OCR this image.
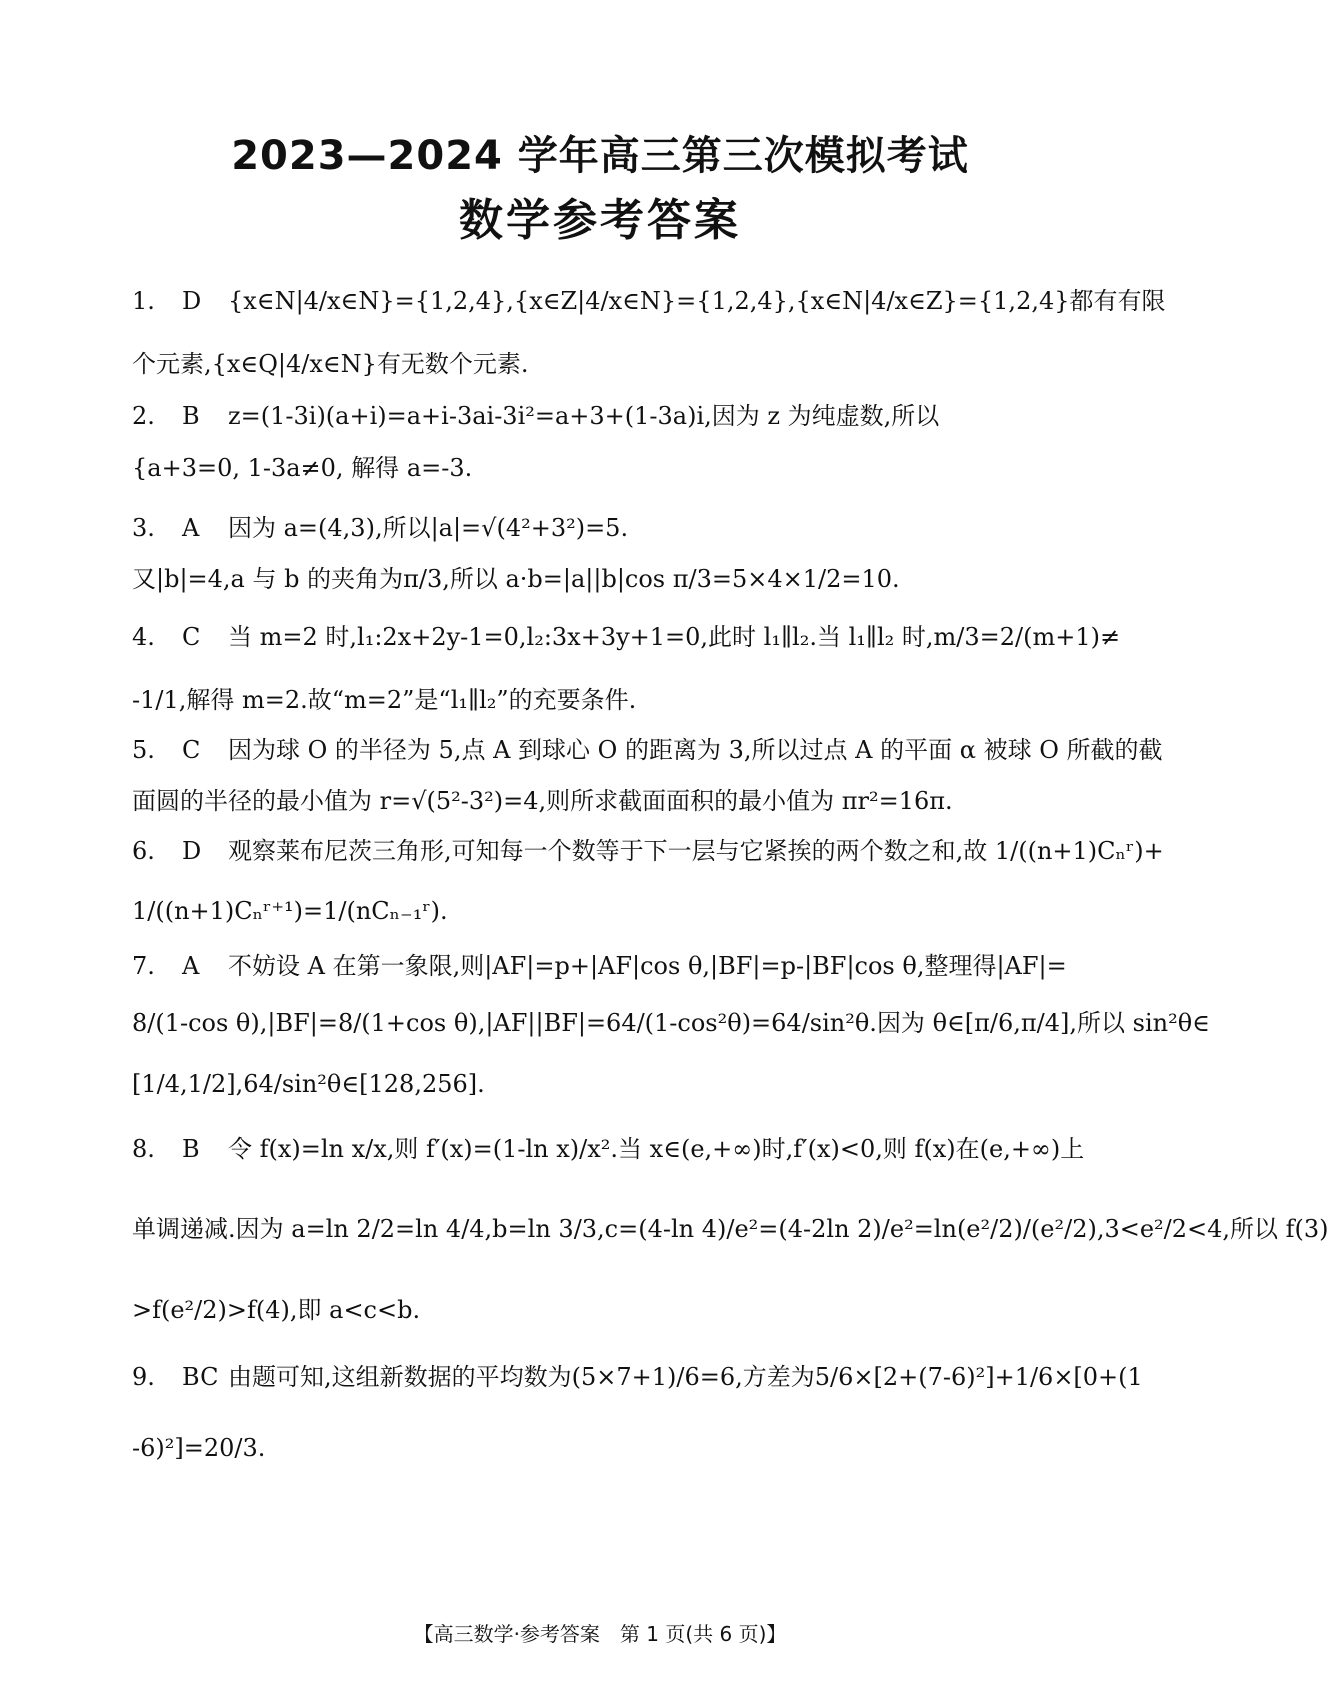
2023—2024 学年高三第三次模拟考试
数学参考答案
1. D {x∈N|4/x∈N}={1,2,4},{x∈Z|4/x∈N}={1,2,4},{x∈N|4/x∈Z}={1,2,4}都有有限
个元素,{x∈Q|4/x∈N}有无数个元素.
2. B z=(1-3i)(a+i)=a+i-3ai-3i²=a+3+(1-3a)i,因为 z 为纯虚数,所以
{a+3=0, 1-3a≠0, 解得 a=-3.
3. A 因为 a=(4,3),所以|a|=√(4²+3²)=5.
又|b|=4,a 与 b 的夹角为π/3,所以 a·b=|a||b|cos π/3=5×4×1/2=10.
4. C 当 m=2 时,l₁:2x+2y-1=0,l₂:3x+3y+1=0,此时 l₁∥l₂.当 l₁∥l₂ 时,m/3=2/(m+1)≠
-1/1,解得 m=2.故“m=2”是“l₁∥l₂”的充要条件.
5. C 因为球 O 的半径为 5,点 A 到球心 O 的距离为 3,所以过点 A 的平面 α 被球 O 所截的截
面圆的半径的最小值为 r=√(5²-3²)=4,则所求截面面积的最小值为 πr²=16π.
6. D 观察莱布尼茨三角形,可知每一个数等于下一层与它紧挨的两个数之和,故 1/((n+1)Cₙʳ)+
1/((n+1)Cₙʳ⁺¹)=1/(nCₙ₋₁ʳ).
7. A 不妨设 A 在第一象限,则|AF|=p+|AF|cos θ,|BF|=p-|BF|cos θ,整理得|AF|=
8/(1-cos θ),|BF|=8/(1+cos θ),|AF||BF|=64/(1-cos²θ)=64/sin²θ.因为 θ∈[π/6,π/4],所以 sin²θ∈
[1/4,1/2],64/sin²θ∈[128,256].
8. B 令 f(x)=ln x/x,则 f′(x)=(1-ln x)/x².当 x∈(e,+∞)时,f′(x)<0,则 f(x)在(e,+∞)上
单调递减.因为 a=ln 2/2=ln 4/4,b=ln 3/3,c=(4-ln 4)/e²=(4-2ln 2)/e²=ln(e²/2)/(e²/2),3<e²/2<4,所以 f(3)
>f(e²/2)>f(4),即 a<c<b.
9. BC 由题可知,这组新数据的平均数为(5×7+1)/6=6,方差为5/6×[2+(7-6)²]+1/6×[0+(1
-6)²]=20/3.
【高三数学·参考答案　第 1 页(共 6 页)】
